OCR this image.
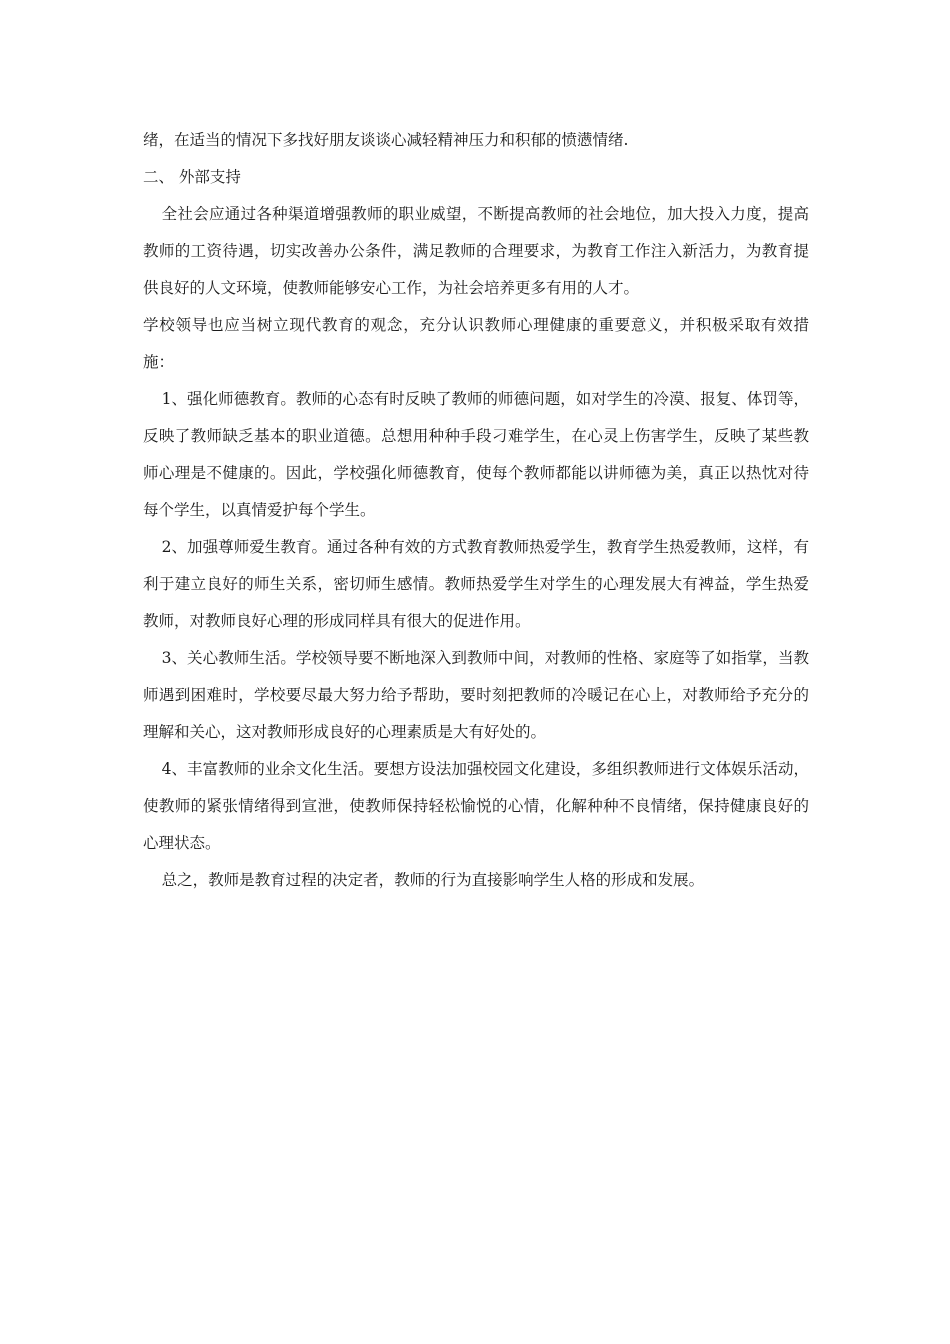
绪，在适当的情况下多找好朋友谈谈心减轻精神压力和积郁的愤懑情绪.

二、 外部支持

全社会应通过各种渠道增强教师的职业威望，不断提高教师的社会地位，加大投入力度，提高教师的工资待遇，切实改善办公条件，满足教师的合理要求，为教育工作注入新活力，为教育提供良好的人文环境，使教师能够安心工作，为社会培养更多有用的人才。

学校领导也应当树立现代教育的观念，充分认识教师心理健康的重要意义，并积极采取有效措施：

1、强化师德教育。教师的心态有时反映了教师的师德问题，如对学生的冷漠、报复、体罚等，反映了教师缺乏基本的职业道德。总想用种种手段刁难学生，在心灵上伤害学生，反映了某些教师心理是不健康的。因此，学校强化师德教育，使每个教师都能以讲师德为美，真正以热忱对待每个学生，以真情爱护每个学生。

2、加强尊师爱生教育。通过各种有效的方式教育教师热爱学生，教育学生热爱教师，这样，有利于建立良好的师生关系，密切师生感情。教师热爱学生对学生的心理发展大有裨益，学生热爱教师，对教师良好心理的形成同样具有很大的促进作用。

3、关心教师生活。学校领导要不断地深入到教师中间，对教师的性格、家庭等了如指掌，当教师遇到困难时，学校要尽最大努力给予帮助，要时刻把教师的冷暖记在心上，对教师给予充分的理解和关心，这对教师形成良好的心理素质是大有好处的。

4、丰富教师的业余文化生活。要想方设法加强校园文化建设，多组织教师进行文体娱乐活动，使教师的紧张情绪得到宣泄，使教师保持轻松愉悦的心情，化解种种不良情绪，保持健康良好的心理状态。

总之，教师是教育过程的决定者，教师的行为直接影响学生人格的形成和发展。
